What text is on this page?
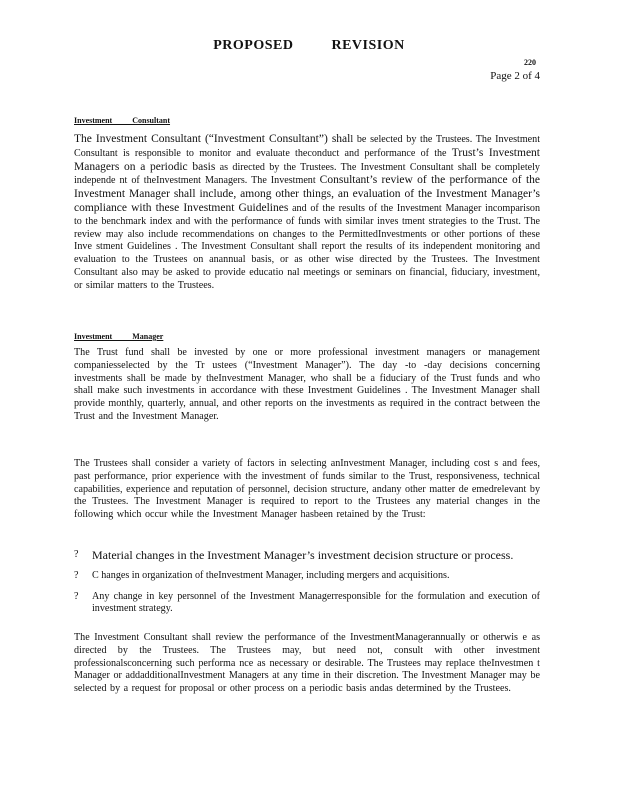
PROPOSED	REVISION
220
Page 2 of 4
Investment          Consultant
The Investment Consultant (“Investment Consultant”) shall be selected by the Trustees. The Investment Consultant is responsible to monitor and evaluate theconduct and performance of the Trust’s Investment Managers on a periodic basis as directed by the Trustees. The Investment Consultant shall be completely independe nt of theInvestment Managers. The Investment Consultant’s review of the performance of the Investment Manager shall include, among other things, an evaluation of the Investment Manager’s compliance with these Investment Guidelines and of the results of the Investment Manager incomparison to the benchmark index and with the performance of funds with similar inves tment strategies to the Trust. The review may also include recommendations on changes to the PermittedInvestments or other portions of these Inve stment Guidelines . The Investment Consultant shall report the results of its independent monitoring and evaluation to the Trustees on anannual basis, or as other wise directed by the Trustees. The Investment Consultant also may be asked to provide educatio nal meetings or seminars on financial, fiduciary, investment, or similar matters to the Trustees.
Investment          Manager
The Trust fund shall be invested by one or more professional investment managers or management companiesselected by the Tr ustees (“Investment Manager”). The day -to -day decisions concerning investments shall be made by theInvestment Manager, who shall be a fiduciary of the Trust funds and who shall make such investments in accordance with these Investment Guidelines . The Investment Manager shall provide monthly, quarterly, annual, and other reports on the investments as required in the contract between the Trust and the Investment Manager.
The Trustees shall consider a variety of factors in selecting anInvestment Manager, including cost s and fees, past performance, prior experience with the investment of funds similar to the Trust, responsiveness, technical capabilities, experience and reputation of personnel, decision structure, andany other matter de emedrelevant by the Trustees. The Investment Manager is required to report to the Trustees any material changes in the following which occur while the Investment Manager hasbeen retained by the Trust:
?	Material changes in the Investment Manager’s investment decision structure or process.
?	C hanges in organization of theInvestment Manager, including mergers and acquisitions.
?	Any change in key personnel of the Investment Managerresponsible for the formulation and execution of investment strategy.
The Investment Consultant shall review the performance of the InvestmentManagerannually or otherwis e as directed by the Trustees. The Trustees may, but need not, consult with other investment professionalsconcerning such performa nce as necessary or desirable. The Trustees may replace theInvestmen t Manager or addadditionalInvestment Managers at any time in their discretion. The Investment Manager may be selected by a request for proposal or other process on a periodic basis andas determined by the Trustees.
